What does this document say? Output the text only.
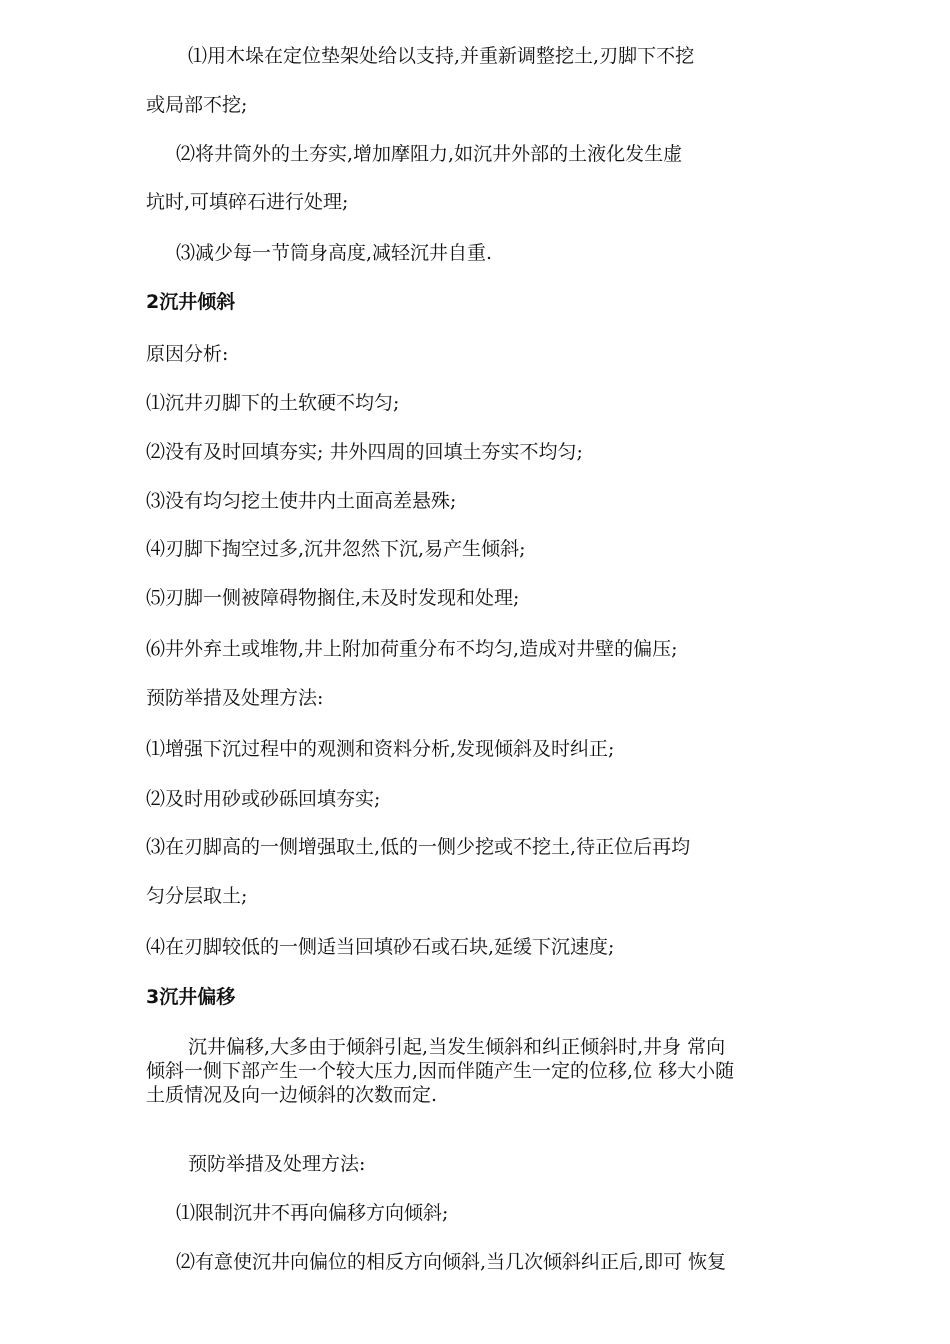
⑴用木垛在定位垫架处给以支持,并重新调整挖土,刃脚下不挖

或局部不挖;

⑵将井筒外的土夯实,增加摩阻力,如沉井外部的土液化发生虚

坑时,可填碎石进行处理;

⑶减少每一节筒身高度,减轻沉井自重.

2沉井倾斜

原因分析:

⑴沉井刃脚下的土软硬不均匀;

⑵没有及时回填夯实; 井外四周的回填土夯实不均匀;

⑶没有均匀挖土使井内土面高差悬殊;

⑷刃脚下掏空过多,沉井忽然下沉,易产生倾斜;

⑸刃脚一侧被障碍物搁住,未及时发现和处理;

⑹井外弃土或堆物,井上附加荷重分布不均匀,造成对井壁的偏压;

预防举措及处理方法:

⑴增强下沉过程中的观测和资料分析,发现倾斜及时纠正;

⑵及时用砂或砂砾回填夯实;

⑶在刃脚高的一侧增强取土,低的一侧少挖或不挖土,待正位后再均

匀分层取土;

⑷在刃脚较低的一侧适当回填砂石或石块,延缓下沉速度;

3沉井偏移

沉井偏移,大多由于倾斜引起,当发生倾斜和纠正倾斜时,井身 常向

倾斜一侧下部产生一个较大压力,因而伴随产生一定的位移,位 移大小随

土质情况及向一边倾斜的次数而定.

预防举措及处理方法:

⑴限制沉井不再向偏移方向倾斜;

⑵有意使沉井向偏位的相反方向倾斜,当几次倾斜纠正后,即可 恢复
